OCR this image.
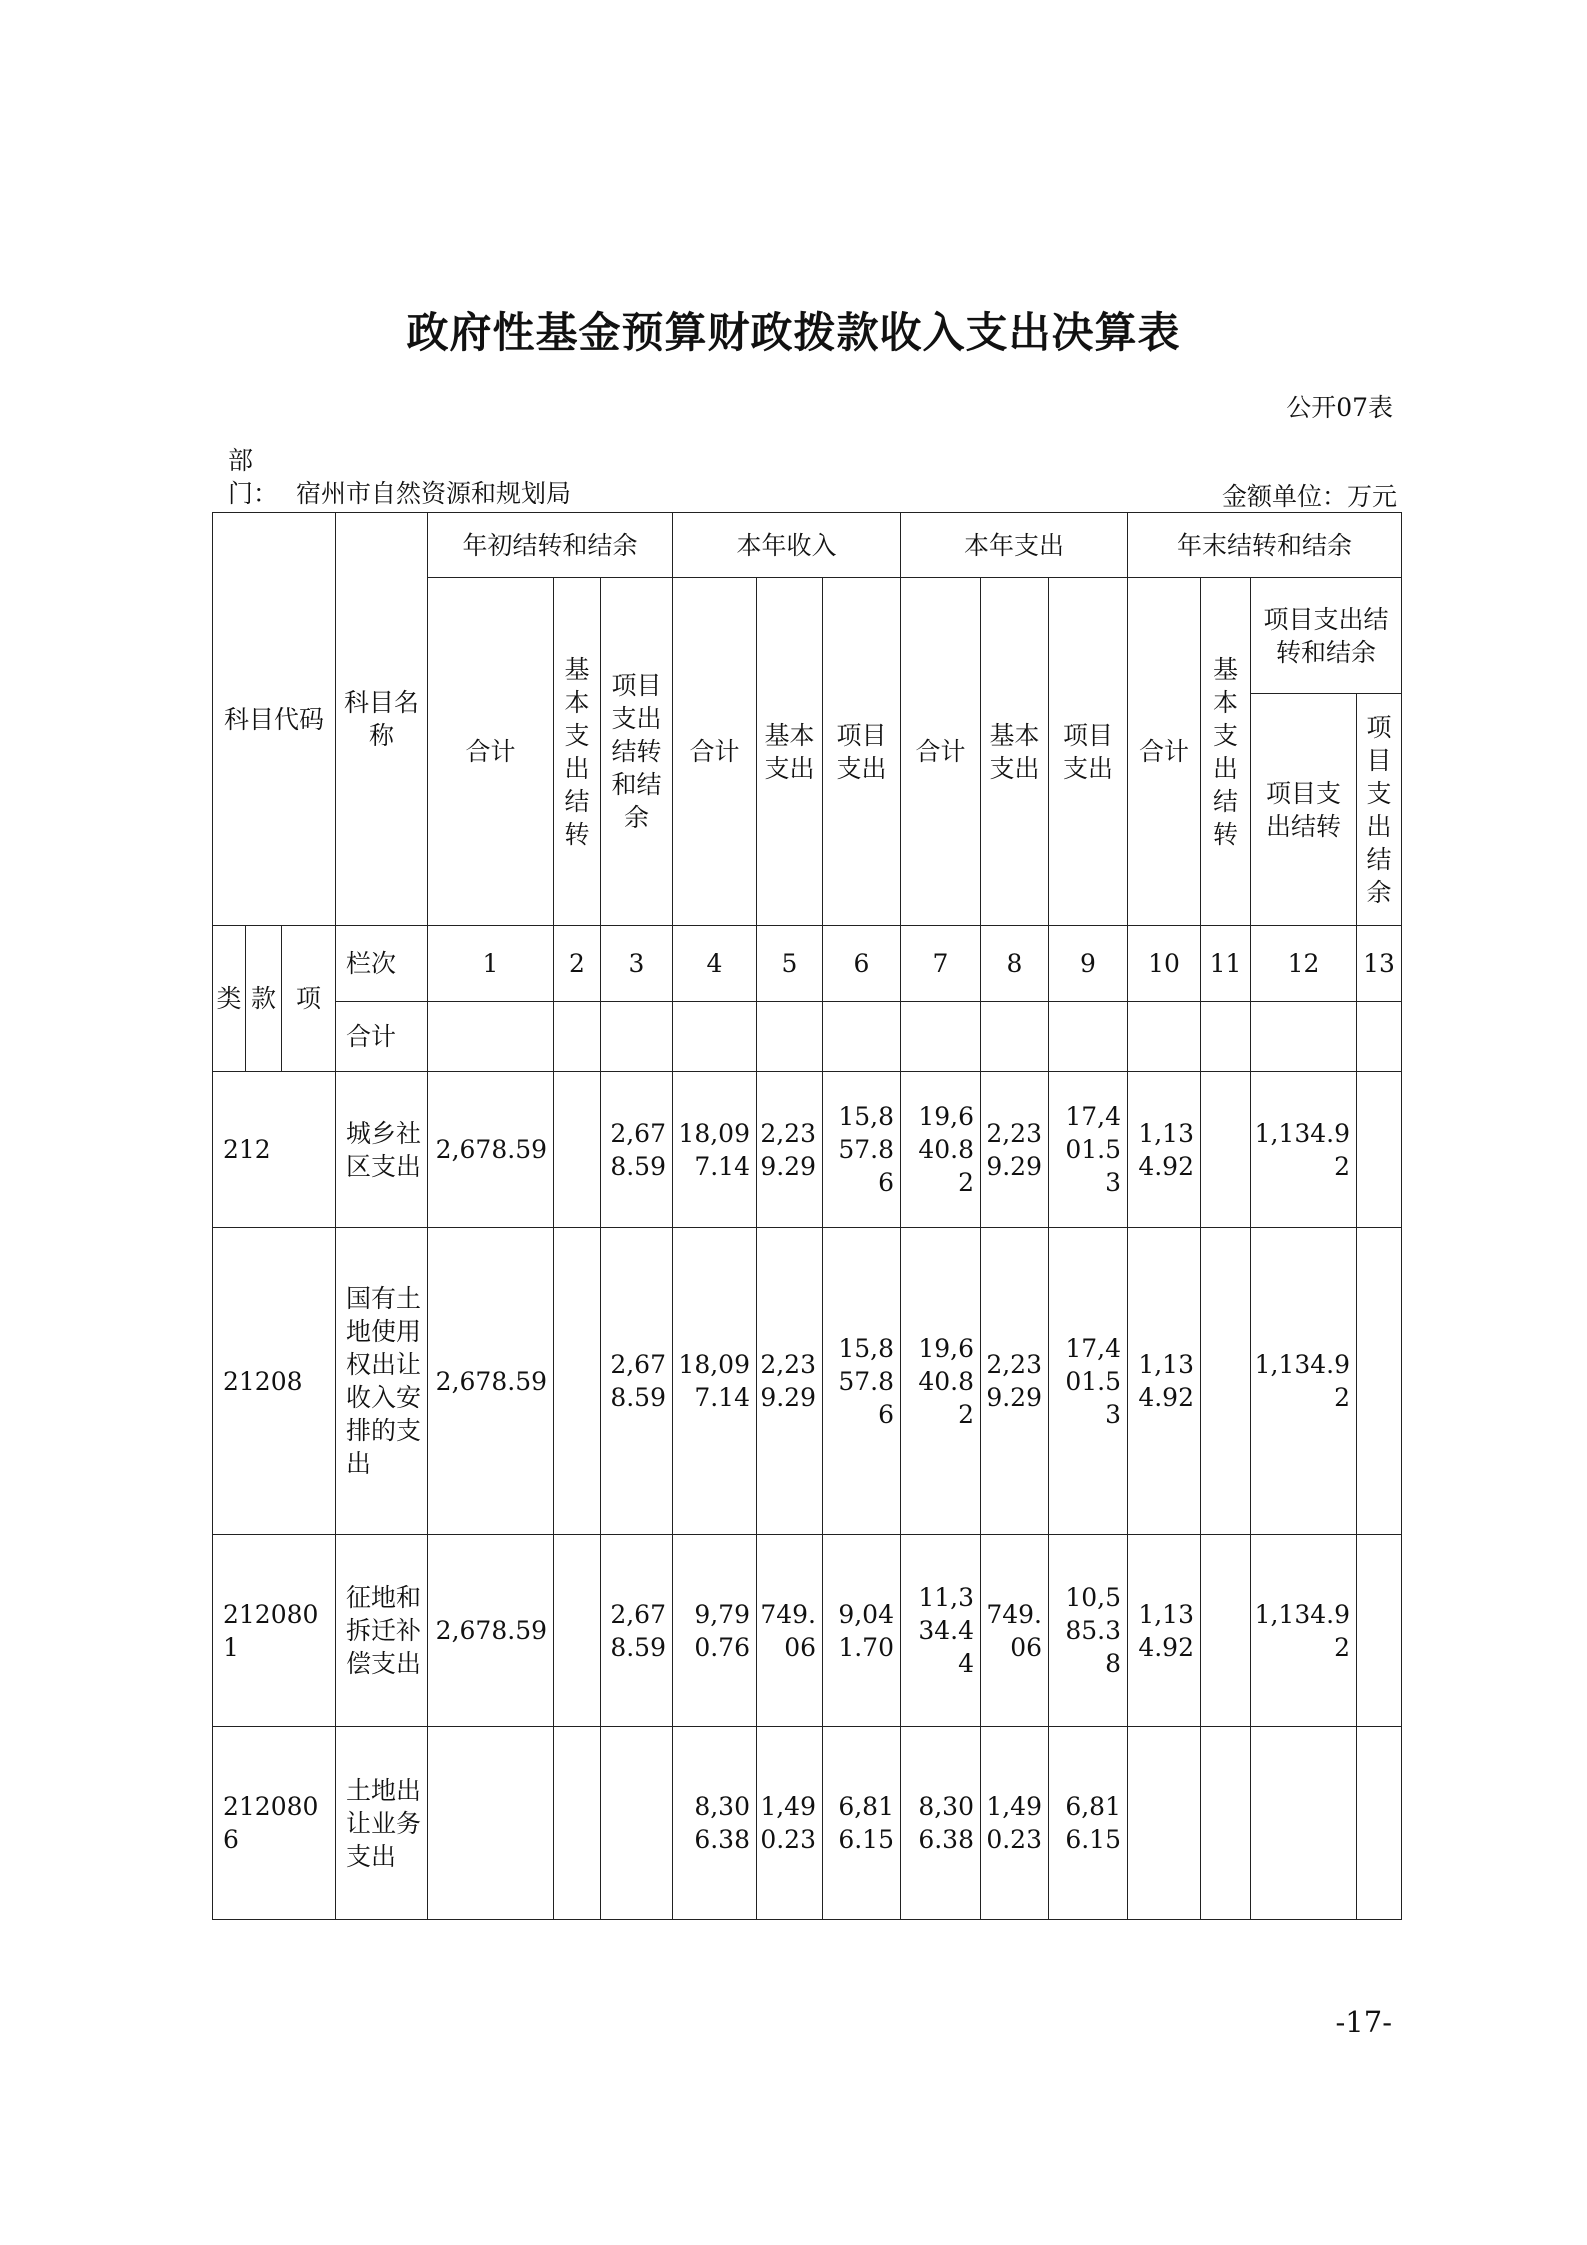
政府性基金预算财政拨款收入支出决算表
公开07表
部
门： 宿州市自然资源和规划局	金额单位：万元
科目代码			科目名称	年初结转和结余			本年收入			本年支出			年末结转和结余			
				合计	基本支出结转	项目支出结转和结余	合计	基本支出	项目支出	合计	基本支出	项目支出	合计	基本支出结转	项目支出结转和结余	
															项目支出结转	项目支出结余
类	款	项	栏次	1	2	3	4	5	6	7	8	9	10	11	12	13
			合计													
212			城乡社区支出	2,678.59		2,678.59	18,097.14	2,239.29	15,857.86	19,640.82	2,239.29	17,401.53	1,134.92		1,134.92	
21208			国有土地使用权出让收入安排的支出	2,678.59		2,678.59	18,097.14	2,239.29	15,857.86	19,640.82	2,239.29	17,401.53	1,134.92		1,134.92	
2120801			征地和拆迁补偿支出	2,678.59		2,678.59	9,790.76	749.06	9,041.70	11,334.44	749.06	10,585.38	1,134.92		1,134.92	
2120806			土地出让业务支出				8,306.38	1,490.23	6,816.15	8,306.38	1,490.23	6,816.15				
-17-
